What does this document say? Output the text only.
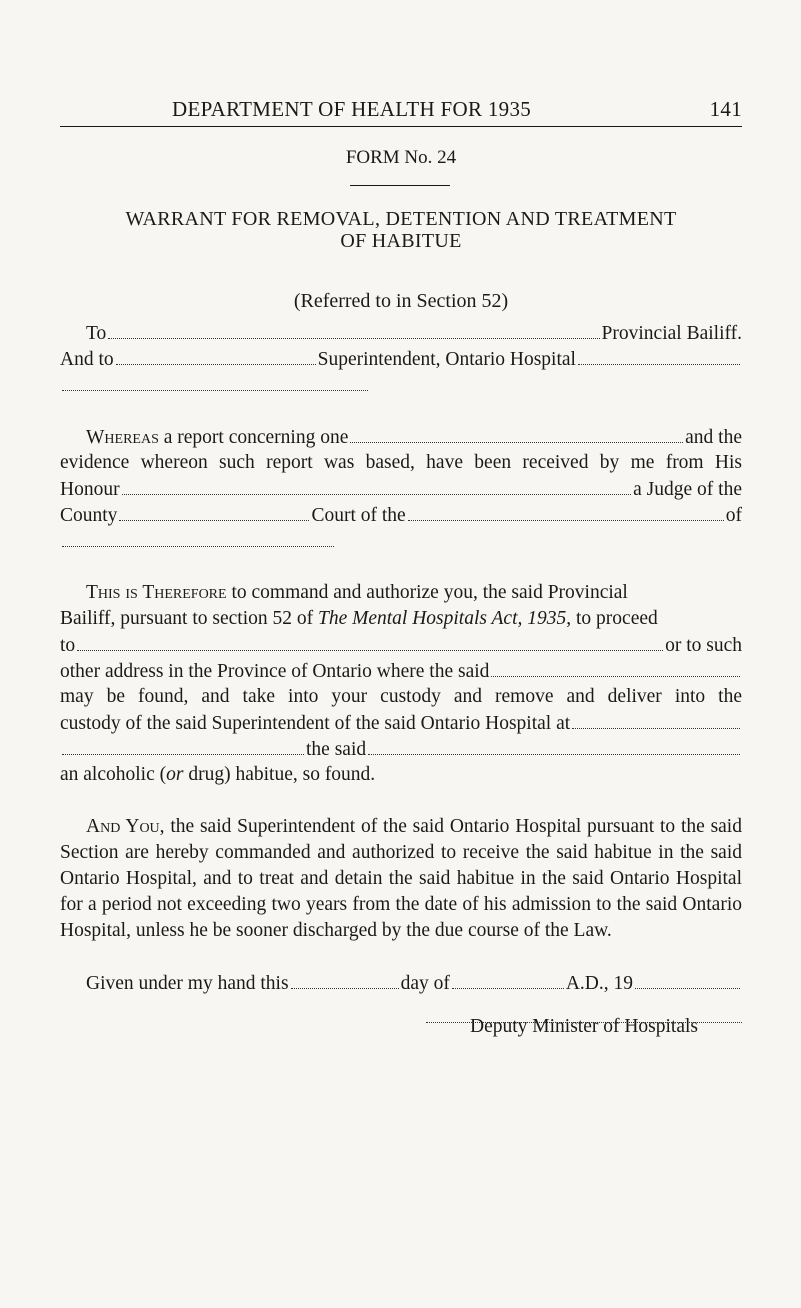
DEPARTMENT OF HEALTH FOR 1935	141
FORM No. 24
WARRANT FOR REMOVAL, DETENTION AND TREATMENT
OF HABITUE
(Referred to in Section 52)
To	Provincial Bailiff.
And to	Superintendent, Ontario Hospital
Whereas a report concerning one	and the
evidence whereon such report was based, have been received by me from His
Honour	a Judge of the
County	Court of the	of
This is Therefore to command and authorize you, the said Provincial
Bailiff, pursuant to section 52 of The Mental Hospitals Act, 1935 , to proceed
to	or to such
other address in the Province of Ontario where the said
may be found, and take into your custody and remove and deliver into the
custody of the said Superintendent of the said Ontario Hospital at
the said
an alcoholic ( or drug) habitue, so found.
And You, the said Superintendent of the said Ontario Hospital pursuant to the said Section are hereby commanded and authorized to receive the said habitue in the said Ontario Hospital, and to treat and detain the said habitue in the said Ontario Hospital for a period not exceeding two years from the date of his admission to the said Ontario Hospital, unless he be sooner discharged by the due course of the Law.
Given under my hand this	day of	A.D., 19
Deputy Minister of Hospitals
